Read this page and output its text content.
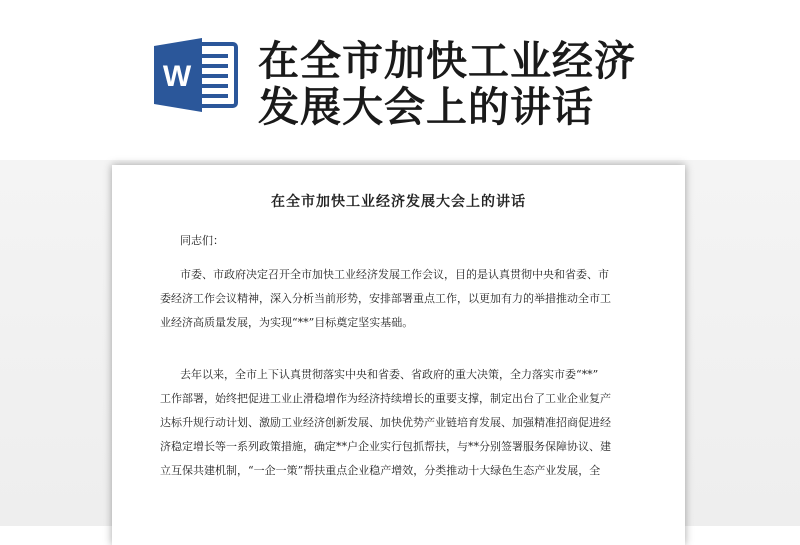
W 在全市加快工业经济
发展大会上的讲话
在全市加快工业经济发展大会上的讲话
同志们：
市委、市政府决定召开全市加快工业经济发展工作会议，目的是认真贯彻中央和省委、市
委经济工作会议精神，深入分析当前形势，安排部署重点工作，以更加有力的举措推动全市工
业经济高质量发展，为实现“**”目标奠定坚实基础。
去年以来，全市上下认真贯彻落实中央和省委、省政府的重大决策，全力落实市委“**”
工作部署，始终把促进工业止滑稳增作为经济持续增长的重要支撑，制定出台了工业企业复产
达标升规行动计划、激励工业经济创新发展、加快优势产业链培育发展、加强精准招商促进经
济稳定增长等一系列政策措施，确定**户企业实行包抓帮扶，与**分别签署服务保障协议、建
立互保共建机制，“一企一策”帮扶重点企业稳产增效，分类推动十大绿色生态产业发展，全
